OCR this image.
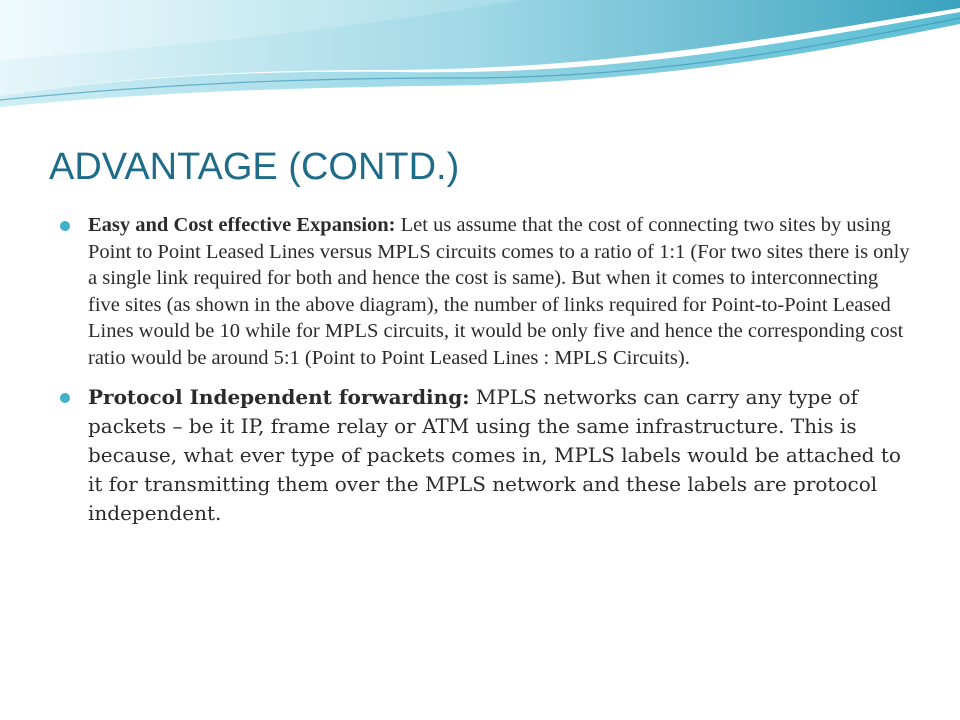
ADVANTAGE (CONTD.)
Easy and Cost effective Expansion: Let us assume that the cost of connecting two sites by using Point to Point Leased Lines versus MPLS circuits comes to a ratio of 1:1 (For two sites there is only a single link required for both and hence the cost is same). But when it comes to interconnecting five sites (as shown in the above diagram), the number of links required for Point-to-Point Leased Lines would be 10 while for MPLS circuits, it would be only five and hence the corresponding cost ratio would be around 5:1 (Point to Point Leased Lines : MPLS Circuits).
Protocol Independent forwarding: MPLS networks can carry any type of packets – be it IP, frame relay or ATM using the same infrastructure. This is because, what ever type of packets comes in, MPLS labels would be attached to it for transmitting them over the MPLS network and these labels are protocol independent.
